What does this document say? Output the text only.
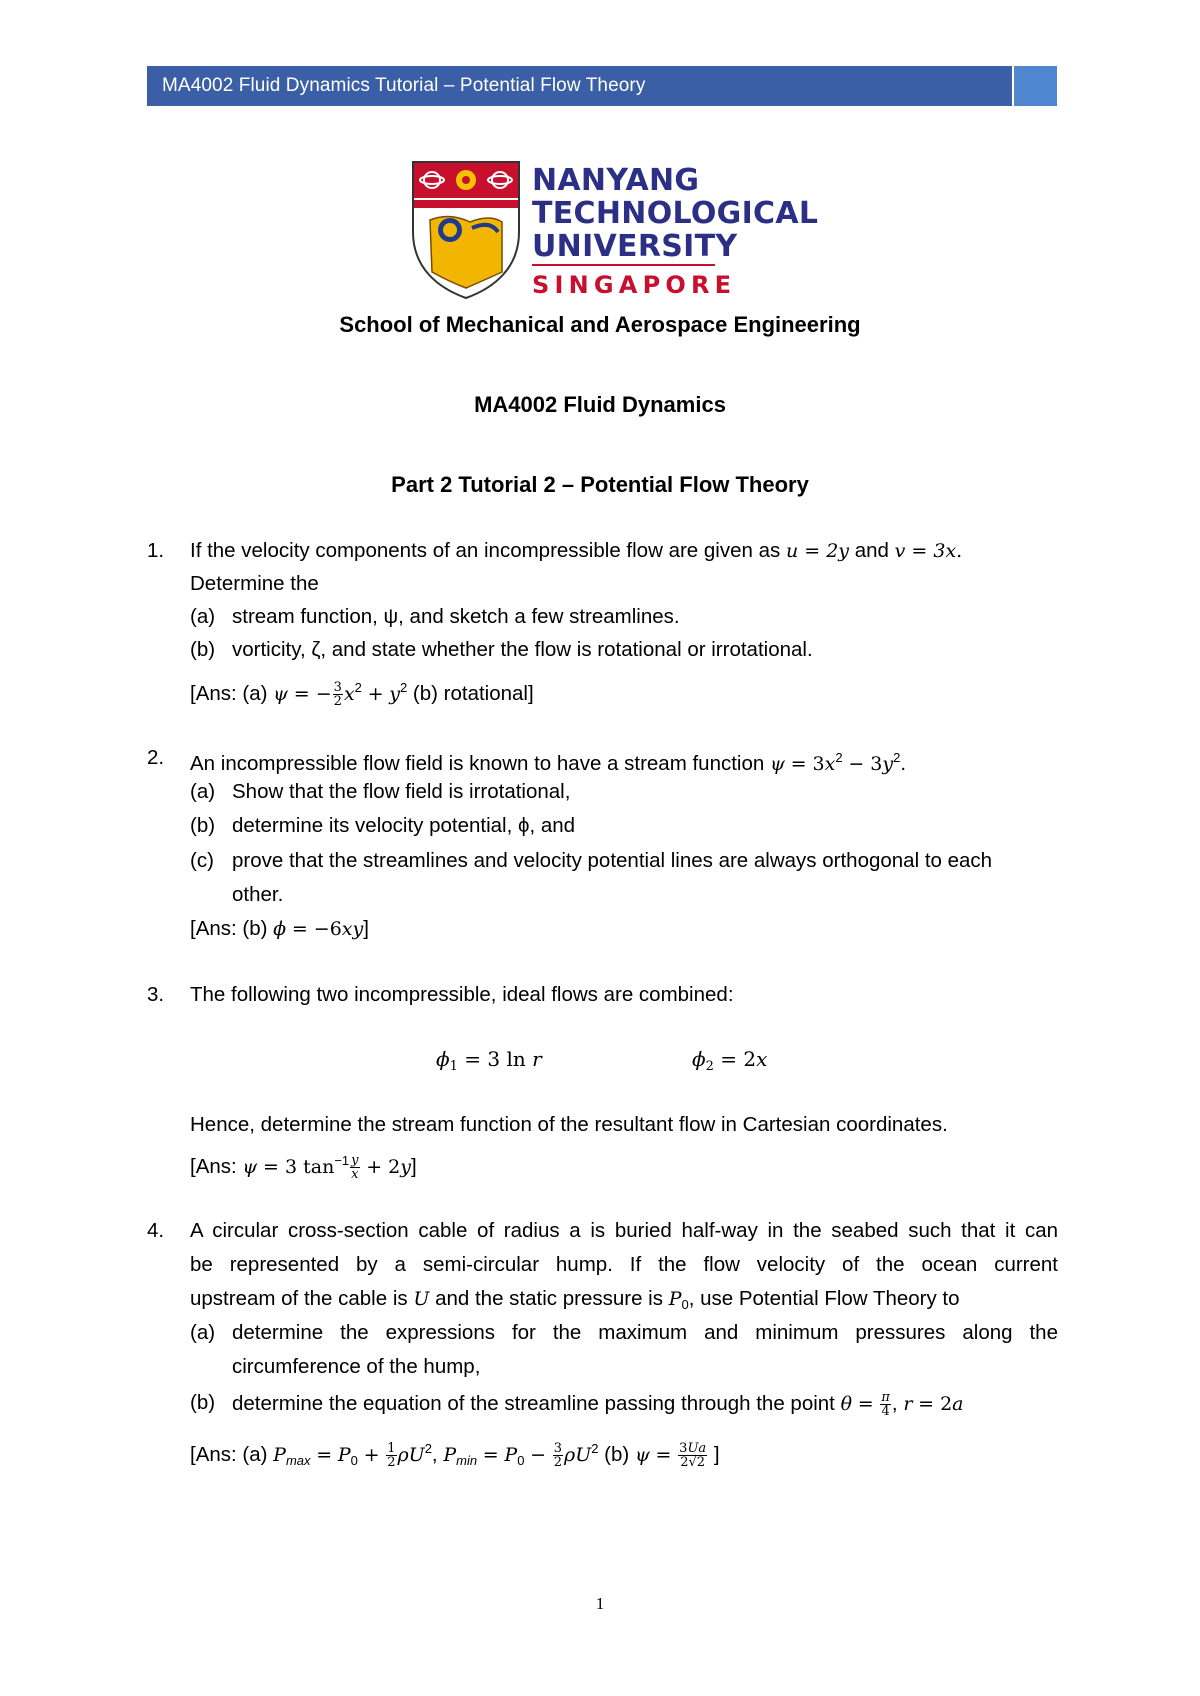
MA4002 Fluid Dynamics Tutorial – Potential Flow Theory
NANYANG
TECHNOLOGICAL
UNIVERSITY
SINGAPORE
School of Mechanical and Aerospace Engineering
MA4002 Fluid Dynamics
Part 2 Tutorial 2 – Potential Flow Theory
1. If the velocity components of an incompressible flow are given as u = 2y and v = 3x.
Determine the
(a) stream function, ψ, and sketch a few streamlines.
(b) vorticity, ζ, and state whether the flow is rotational or irrotational.
[Ans: (a) ψ = − $\frac{3}{2} x^2 + y^2$ (b) rotational]
2. An incompressible flow field is known to have a stream function $\psi = 3x^2 - 3y^2$.
(a) Show that the flow field is irrotational,
(b) determine its velocity potential, ϕ, and
(c) prove that the streamlines and velocity potential lines are always orthogonal to each
other.
[Ans: (b) ϕ = −6xy]
3. The following two incompressible, ideal flows are combined:
$\phi_1 = 3$ ln r	$\phi_2 = 2x$
Hence, determine the stream function of the resultant flow in Cartesian coordinates.
[Ans: ψ = 3 $\tan^{-1} \frac{y}{x} + 2y$]
4. A circular cross-section cable of radius a is buried half-way in the seabed such that it can
be represented by a semi-circular hump. If the flow velocity of the ocean current
upstream of the cable is U and the static pressure is $P_0$, use Potential Flow Theory to
(a) determine the expressions for the maximum and minimum pressures along the
circumference of the hump,
(b) determine the equation of the streamline passing through the point $\theta = \frac{\pi}{4}$ , r = 2a
[Ans: (a) $P_{max} = P_0 + \frac{1}{2} \rho U^2$, $P_{min} = P_0 - \frac{3}{2} \rho U^2$ (b) $\psi = \frac{3Ua}{2√2}$ ]
1
